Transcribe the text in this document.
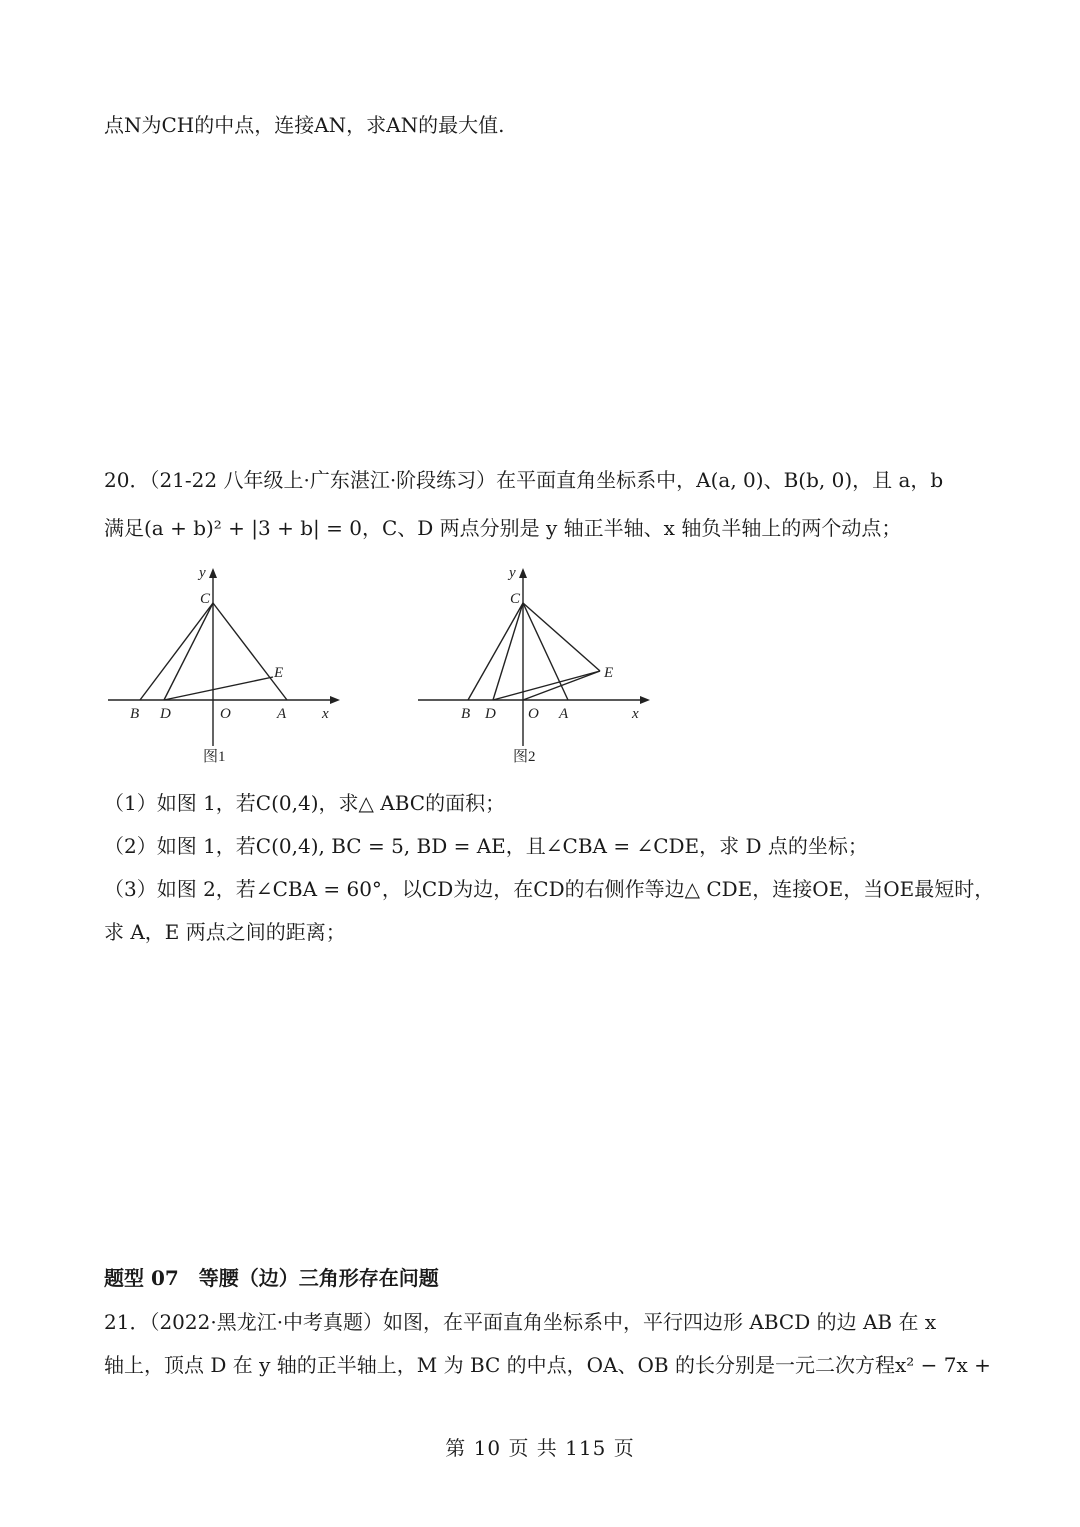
点N为CH的中点，连接AN，求AN的最大值.
20．（21-22 八年级上·广东湛江·阶段练习）在平面直角坐标系中，A(a, 0)、B(b, 0)，且 a，b
满足(a + b)² + |3 + b| = 0，C、D 两点分别是 y 轴正半轴、x 轴负半轴上的两个动点；
y
x
C
E
B D	O	A
图1
y
x
C
E
B D O A
图2
（1）如图 1，若C(0,4)，求△ ABC的面积；
（2）如图 1，若C(0,4), BC = 5, BD = AE，且∠CBA = ∠CDE，求 D 点的坐标；
（3）如图 2，若∠CBA = 60°，以CD为边，在CD的右侧作等边△ CDE，连接OE，当OE最短时，
求 A，E 两点之间的距离；
题型 07　等腰（边）三角形存在问题
21．（2022·黑龙江·中考真题）如图，在平面直角坐标系中，平行四边形 ABCD 的边 AB 在 x
轴上，顶点 D 在 y 轴的正半轴上，M 为 BC 的中点，OA、OB 的长分别是一元二次方程x² − 7x +
第 10 页 共 115 页
